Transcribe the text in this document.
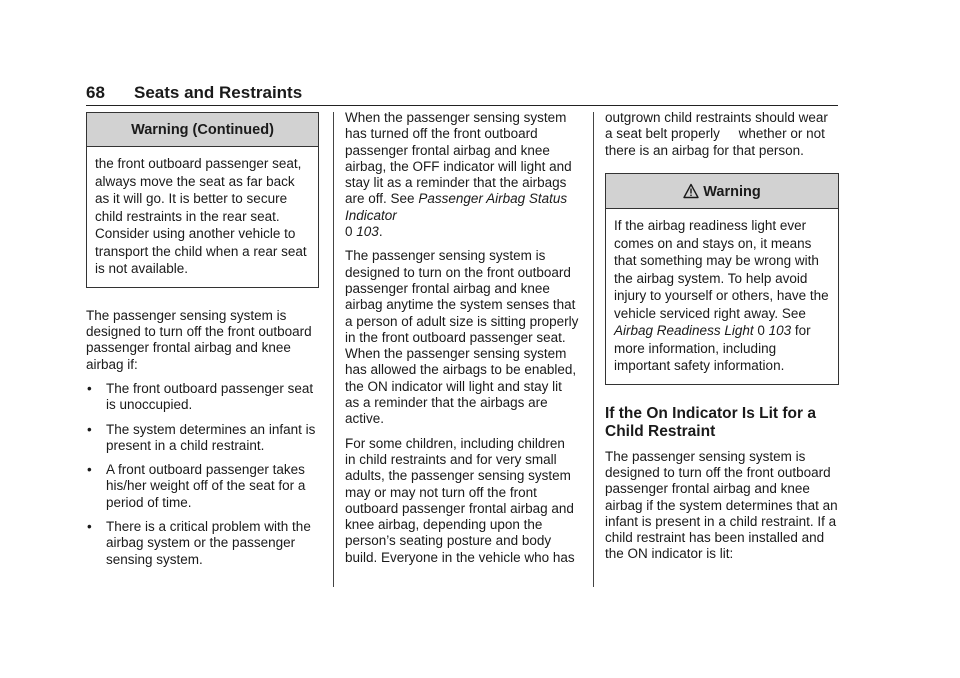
68 Seats and Restraints
Warning (Continued)
the front outboard passenger seat, always move the seat as far back as it will go. It is better to secure child restraints in the rear seat. Consider using another vehicle to transport the child when a rear seat is not available.

The passenger sensing system is designed to turn off the front outboard passenger frontal airbag and knee airbag if:

• The front outboard passenger seat is unoccupied.
• The system determines an infant is present in a child restraint.
• A front outboard passenger takes his/her weight off of the seat for a period of time.
• There is a critical problem with the airbag system or the passenger sensing system.

When the passenger sensing system has turned off the front outboard passenger frontal airbag and knee airbag, the OFF indicator will light and stay lit as a reminder that the airbags are off. See Passenger Airbag Status Indicator
0 103.

The passenger sensing system is designed to turn on the front outboard passenger frontal airbag and knee airbag anytime the system senses that a person of adult size is sitting properly in the front outboard passenger seat. When the passenger sensing system has allowed the airbags to be enabled, the ON indicator will light and stay lit as a reminder that the airbags are active.

For some children, including children in child restraints and for very small adults, the passenger sensing system may or may not turn off the front outboard passenger frontal airbag and knee airbag, depending upon the person’s seating posture and body build. Everyone in the vehicle who has

outgrown child restraints should wear a seat belt properly     whether or not there is an airbag for that person.

Warning
If the airbag readiness light ever comes on and stays on, it means that something may be wrong with the airbag system. To help avoid injury to yourself or others, have the vehicle serviced right away. See Airbag Readiness Light 0 103 for more information, including important safety information.
If the On Indicator Is Lit for a Child Restraint

The passenger sensing system is designed to turn off the front outboard passenger frontal airbag and knee airbag if the system determines that an infant is present in a child restraint. If a child restraint has been installed and the ON indicator is lit:
